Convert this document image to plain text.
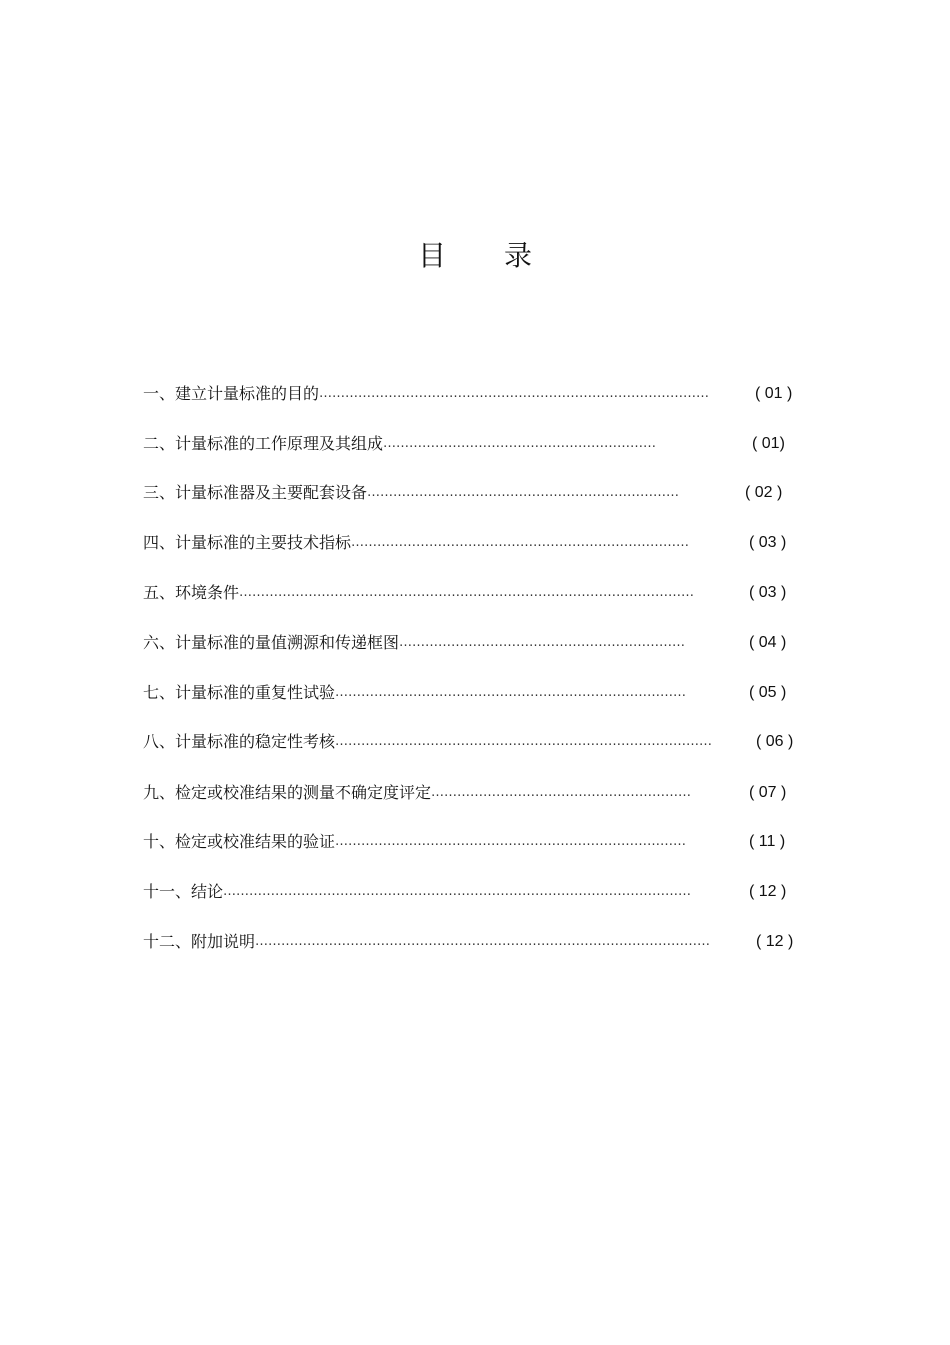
目 录
一、建立计量标准的目的 ………………………………………………………………………………	( 01 )
二、计量标准的工作原理及其组成 ………………………………………………………	( 01)
三、计量标准器及主要配套设备 ………………………………………………………………	( 02 )
四、计量标准的主要技术指标 ……………………………………………………………………	( 03 )
五、环境条件 ……………………………………………………………………………………………	( 03 )
六、计量标准的量值溯源和传递框图 …………………………………………………………	( 04 )
七、计量标准的重复性试验 ………………………………………………………………………	( 05 )
八、计量标准的稳定性考核 ……………………………………………………………………………	( 06 )
九、检定或校准结果的测量不确定度评定 ……………………………………………………	( 07 )
十、检定或校准结果的验证 ………………………………………………………………………	( 11 )
十一、结论 ………………………………………………………………………………………………	( 12 )
十二、附加说明 ……………………………………………………………………………………………	( 12 )
